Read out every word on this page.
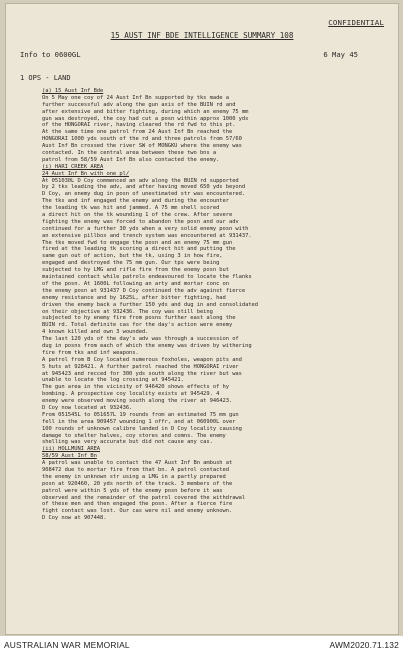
CONFIDENTIAL
15 AUST INF BDE INTELLIGENCE SUMMARY 108
Info to 0600GL	6 May 45
1 OPS - LAND
(a) 15 Aust Inf Bde
On 5 May one coy of 24 Aust Inf Bn supported by tks made a
further successful adv along the gun axis of the BUIN rd and
after extensive and bitter fighting, during which an enemy 75 mm
gun was destroyed, the coy had cut a posn within approx 1000 yds
of the HONGORAI river, having cleared the rd fwd to this pt.
At the same time one patrol from 24 Aust Inf Bn reached the
HONGORAI 1000 yds south of the rd and three patrols from 57/60
Aust Inf Bn crossed the river SW of MONGKU where the enemy was
contacted. In the central area between these two bns a
patrol from 58/59 Aust Inf Bn also contacted the enemy.
(i) HARI CREEK AREA
24 Aust Inf Bn with one pl/
At 051030L D Coy commenced an adv along the BUIN rd supported
by 2 tks leading the adv, and after having moved 650 yds beyond
D Coy, an enemy dug in posn of unestimated str was encountered.
The tks and inf engaged the enemy and during the encounter
the leading tk was hit and jammed. A 75 mm shell scored
a direct hit on the tk wounding 1 of the crew. After severe
fighting the enemy was forced to abandon the posn and our adv
continued for a further 30 yds when a very solid enemy posn with
an extensive pillbox and trench system was encountered at 931437.
The tks moved fwd to engage the posn and an enemy 75 mm gun
fired at the leading tk scoring a direct hit and putting the
same gun out of action, but the tk, using 3 in how fire,
engaged and destroyed the 75 mm gun. Our tps were being
subjected to hy LMG and rifle fire from the enemy posn but
maintained contact while patrols endeavoured to locate the flanks
of the posn. At 1600L following an arty and mortar conc on
the enemy posn at 931437 D Coy continued the adv against fierce
enemy resistance and by 1625L, after bitter fighting, had
driven the enemy back a further 150 yds and dug in and consolidated
on their objective at 932436. The coy was still being
subjected to hy enemy fire from posns further east along the
BUIN rd. Total definite cas for the day's action were enemy
4 known killed and own 3 wounded.
The last 120 yds of the day's adv was through a succession of
dug in posns from each of which the enemy was driven by withering
fire from tks and inf weapons.
A patrol from B Coy located numerous foxholes, weapon pits and
5 huts at 928421. A further patrol reached the HONGORAI river
at 945423 and recced for 300 yds south along the river but was
unable to locate the log crossing at 945421.
The gun area in the vicinity of 946420 shows effects of hy
bombing. A prospective coy locality exists at 945429. 4
enemy were observed moving south along the river at 946423.
D Coy now located at 932436.
From 051545L to 051657L 19 rounds from an estimated 75 mm gun
fell in the area 909457 wounding 1 offr, and at 060900L over
100 rounds of unknown calibre landed in D Coy locality causing
damage to shelter halves, coy stores and comns. The enemy
shelling was very accurate but did not cause any cas.
(ii) HOLLMUNI AREA
58/59 Aust Inf Bn
A patrol was unable to contact the 47 Aust Inf Bn ambush at
908472 due to mortar fire from that bn. A patrol contacted
the enemy in unknown str using a LMG in a partly prepared
posn at 920460, 20 yds north of the track. 3 members of the
patrol were within 5 yds of the enemy posn before it was
observed and the remainder of the patrol covered the withdrawal
of these men and then engaged the posn. After a fierce fire
fight contact was lost. Our cas were nil and enemy unknown.
D Coy now at 907448.
AUSTRALIAN WAR MEMORIAL	AWM2020.71.132
